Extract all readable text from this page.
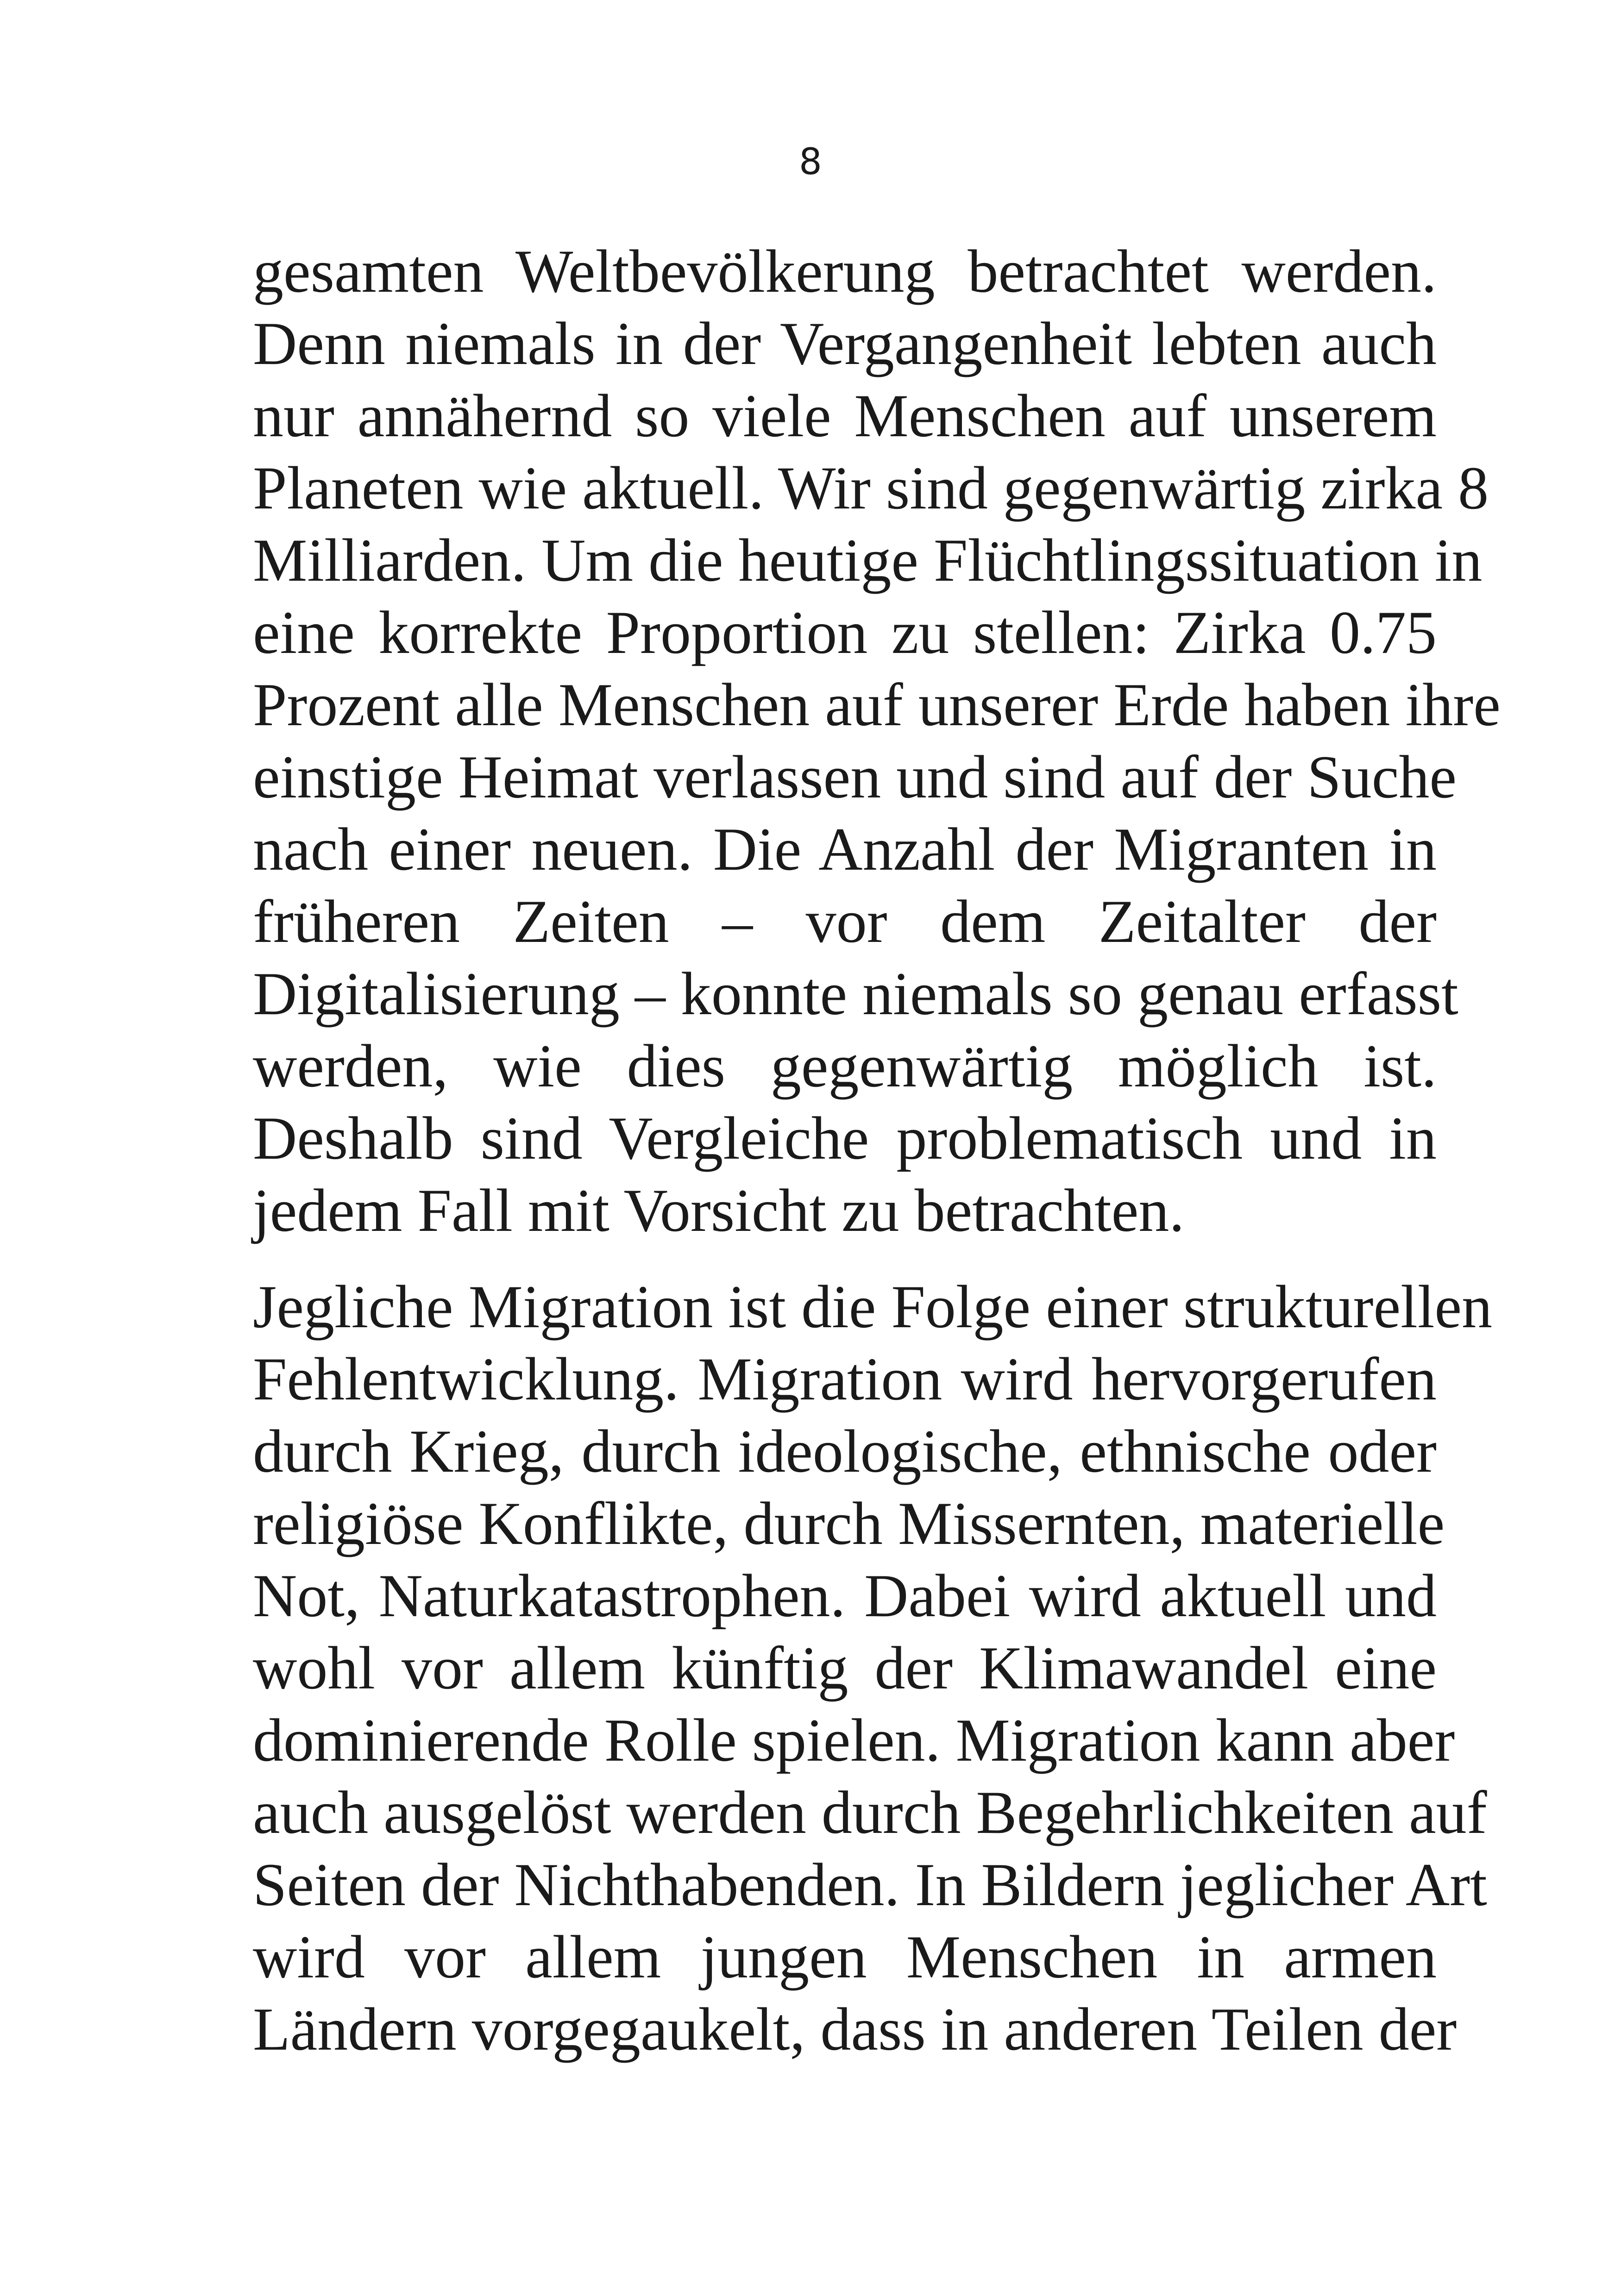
8
gesamten Weltbevölkerung betrachtet werden.
Denn niemals in der Vergangenheit lebten auch
nur annähernd so viele Menschen auf unserem
Planeten wie aktuell. Wir sind gegenwärtig zirka 8
Milliarden. Um die heutige Flüchtlingssituation in
eine korrekte Proportion zu stellen: Zirka 0.75
Prozent alle Menschen auf unserer Erde haben ihre
einstige Heimat verlassen und sind auf der Suche
nach einer neuen. Die Anzahl der Migranten in
früheren Zeiten – vor dem Zeitalter der
Digitalisierung – konnte niemals so genau erfasst
werden, wie dies gegenwärtig möglich ist.
Deshalb sind Vergleiche problematisch und in
jedem Fall mit Vorsicht zu betrachten.
Jegliche Migration ist die Folge einer strukturellen
Fehlentwicklung. Migration wird hervorgerufen
durch Krieg, durch ideologische, ethnische oder
religiöse Konflikte, durch Missernten, materielle
Not, Naturkatastrophen. Dabei wird aktuell und
wohl vor allem künftig der Klimawandel eine
dominierende Rolle spielen. Migration kann aber
auch ausgelöst werden durch Begehrlichkeiten auf
Seiten der Nichthabenden. In Bildern jeglicher Art
wird vor allem jungen Menschen in armen
Ländern vorgegaukelt, dass in anderen Teilen der
